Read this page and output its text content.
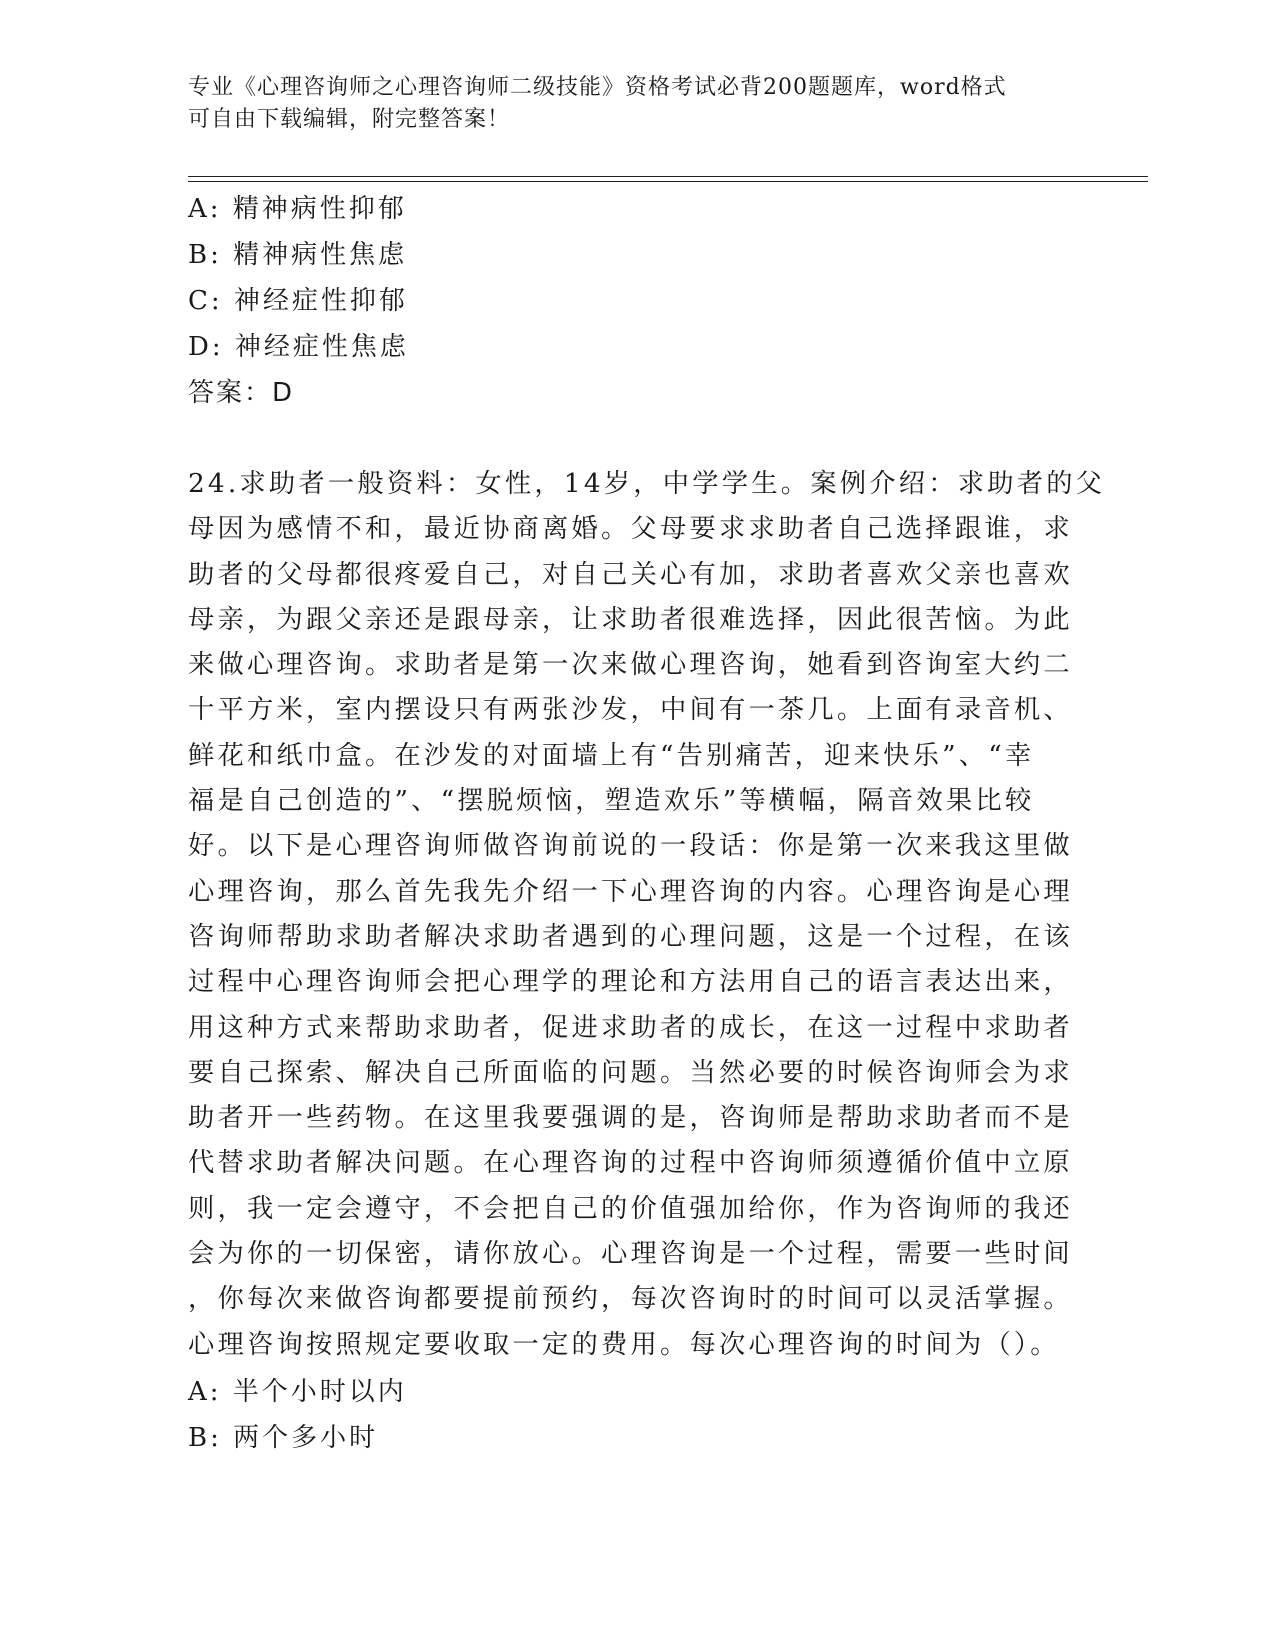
专业《心理咨询师之心理咨询师二级技能》资格考试必背200题题库，word格式
可自由下载编辑，附完整答案！
A: 精神病性抑郁
B: 精神病性焦虑
C: 神经症性抑郁
D: 神经症性焦虑
答案：D
24.求助者一般资料：女性，14岁，中学学生。案例介绍：求助者的父
母因为感情不和，最近协商离婚。父母要求求助者自己选择跟谁，求
助者的父母都很疼爱自己，对自己关心有加，求助者喜欢父亲也喜欢
母亲，为跟父亲还是跟母亲，让求助者很难选择，因此很苦恼。为此
来做心理咨询。求助者是第一次来做心理咨询，她看到咨询室大约二
十平方米，室内摆设只有两张沙发，中间有一茶几。上面有录音机、
鲜花和纸巾盒。在沙发的对面墙上有“告别痛苦，迎来快乐”、“幸
福是自己创造的”、“摆脱烦恼，塑造欢乐”等横幅，隔音效果比较
好。以下是心理咨询师做咨询前说的一段话：你是第一次来我这里做
心理咨询，那么首先我先介绍一下心理咨询的内容。心理咨询是心理
咨询师帮助求助者解决求助者遇到的心理问题，这是一个过程，在该
过程中心理咨询师会把心理学的理论和方法用自己的语言表达出来，
用这种方式来帮助求助者，促进求助者的成长，在这一过程中求助者
要自己探索、解决自己所面临的问题。当然必要的时候咨询师会为求
助者开一些药物。在这里我要强调的是，咨询师是帮助求助者而不是
代替求助者解决问题。在心理咨询的过程中咨询师须遵循价值中立原
则，我一定会遵守，不会把自己的价值强加给你，作为咨询师的我还
会为你的一切保密，请你放心。心理咨询是一个过程，需要一些时间
，你每次来做咨询都要提前预约，每次咨询时的时间可以灵活掌握。
心理咨询按照规定要收取一定的费用。每次心理咨询的时间为（）。
A: 半个小时以内
B: 两个多小时
